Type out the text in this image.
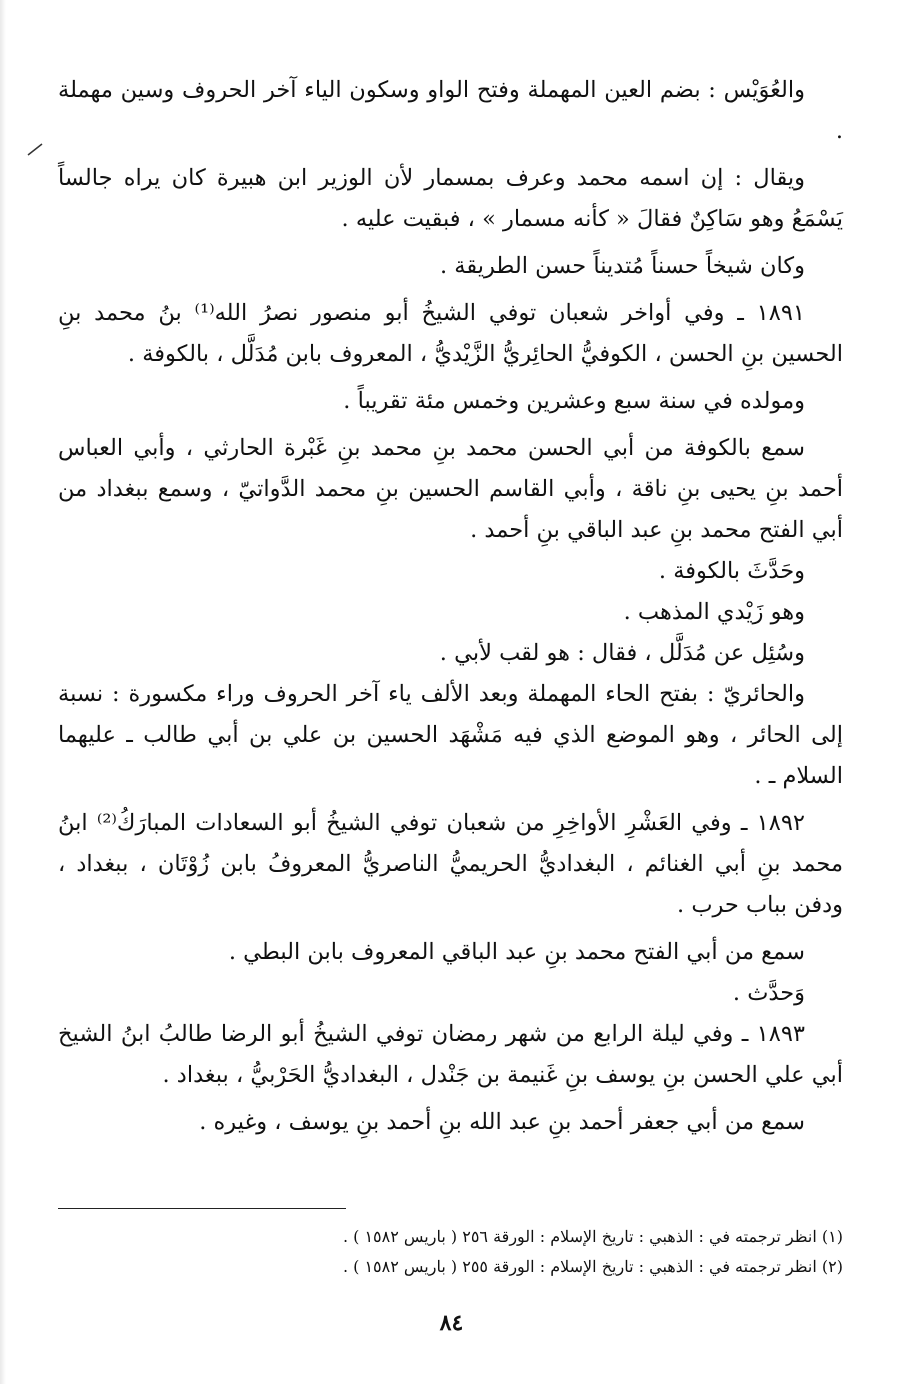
والعُوَيْس : بضم العين المهملة وفتح الواو وسكون الياء آخر الحروف وسين مهملة .

ويقال : إن اسمه محمد وعرف بمسمار لأن الوزير ابن هبيرة كان يراه جالساً يَسْمَعُ وهو سَاكِنٌ فقالَ « كأنه مسمار » ، فبقيت عليه .

وكان شيخاً حسناً مُتديناً حسن الطريقة .

١٨٩١ ـ وفي أواخر شعبان توفي الشيخُ أبو منصور نصرُ الله⁽¹⁾ بنُ محمد بنِ الحسين بنِ الحسن ، الكوفيُّ الحائِريُّ الزَّيْديُّ ، المعروف بابن مُدَلَّل ، بالكوفة .

ومولده في سنة سبع وعشرين وخمس مئة تقريباً .

سمع بالكوفة من أبي الحسن محمد بنِ محمد بنِ غَبْرة الحارثي ، وأبي العباس أحمد بنِ يحيى بنِ ناقة ، وأبي القاسم الحسين بنِ محمد الدَّواتيّ ، وسمع ببغداد من أبي الفتح محمد بنِ عبد الباقي بنِ أحمد .

وحَدَّثَ بالكوفة .

وهو زَيْدي المذهب .

وسُئِل عن مُدَلَّل ، فقال : هو لقب لأبي .

والحائريّ : بفتح الحاء المهملة وبعد الألف ياء آخر الحروف وراء مكسورة : نسبة إلى الحائر ، وهو الموضع الذي فيه مَشْهَد الحسين بن علي بن أبي طالب ـ عليهما السلام ـ .

١٨٩٢ ـ وفي العَشْرِ الأواخِرِ من شعبان توفي الشيخُ أبو السعادات المبارَكُ⁽²⁾ ابنُ محمد بنِ أبي الغنائم ، البغداديُّ الحريميُّ الناصريُّ المعروفُ بابن زُوْتَان ، ببغداد ، ودفن بباب حرب .

سمع من أبي الفتح محمد بنِ عبد الباقي المعروف بابن البطي .

وَحدَّث .

١٨٩٣ ـ وفي ليلة الرابع من شهر رمضان توفي الشيخُ أبو الرضا طالبُ ابنُ الشيخ أبي علي الحسن بنِ يوسف بنِ غَنيمة بن جَنْدل ، البغداديُّ الحَرْبيُّ ، ببغداد .

سمع من أبي جعفر أحمد بنِ عبد الله بنِ أحمد بنِ يوسف ، وغيره .

(١) انظر ترجمته في : الذهبي : تاريخ الإسلام : الورقة ٢٥٦ ( باريس ١٥٨٢ ) .

(٢) انظر ترجمته في : الذهبي : تاريخ الإسلام : الورقة ٢٥٥ ( باريس ١٥٨٢ ) .

٨٤
